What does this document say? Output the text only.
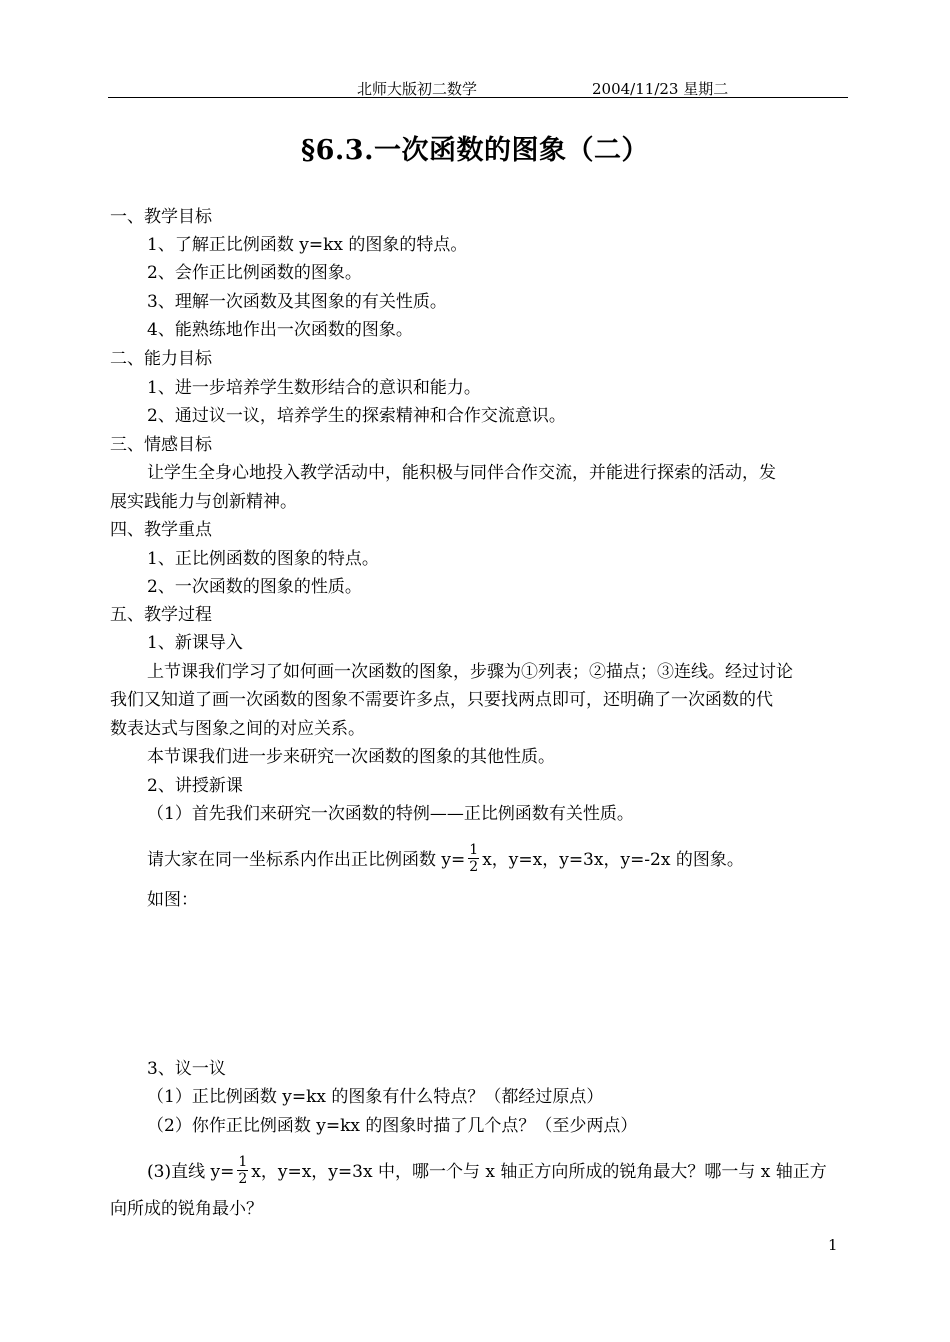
北师大版初二数学	2004/11/23 星期二
§6.3.一次函数的图象（二）
一、教学目标
1、了解正比例函数 y=kx 的图象的特点。
2、会作正比例函数的图象。
3、理解一次函数及其图象的有关性质。
4、能熟练地作出一次函数的图象。
二、能力目标
1、进一步培养学生数形结合的意识和能力。
2、通过议一议，培养学生的探索精神和合作交流意识。
三、情感目标
让学生全身心地投入教学活动中，能积极与同伴合作交流，并能进行探索的活动，发
展实践能力与创新精神。
四、教学重点
1、正比例函数的图象的特点。
2、一次函数的图象的性质。
五、教学过程
1、新课导入
上节课我们学习了如何画一次函数的图象，步骤为①列表；②描点；③连线。经过讨论
我们又知道了画一次函数的图象不需要许多点，只要找两点即可，还明确了一次函数的代
数表达式与图象之间的对应关系。
本节课我们进一步来研究一次函数的图象的其他性质。
2、讲授新课
（1）首先我们来研究一次函数的特例——正比例函数有关性质。
请大家在同一坐标系内作出正比例函数 $y= \frac{1}{2}$ x，y=x，y=3x，y=-2x 的图象。
如图：
3、议一议
（1）正比例函数 y=kx 的图象有什么特点？（都经过原点）
（2）你作正比例函数 y=kx 的图象时描了几个点？（至少两点）
(3)直线 $y= \frac{1}{2}$ x，y=x，y=3x 中，哪一个与 x 轴正方向所成的锐角最大？哪一与 x 轴正方
向所成的锐角最小？
1
